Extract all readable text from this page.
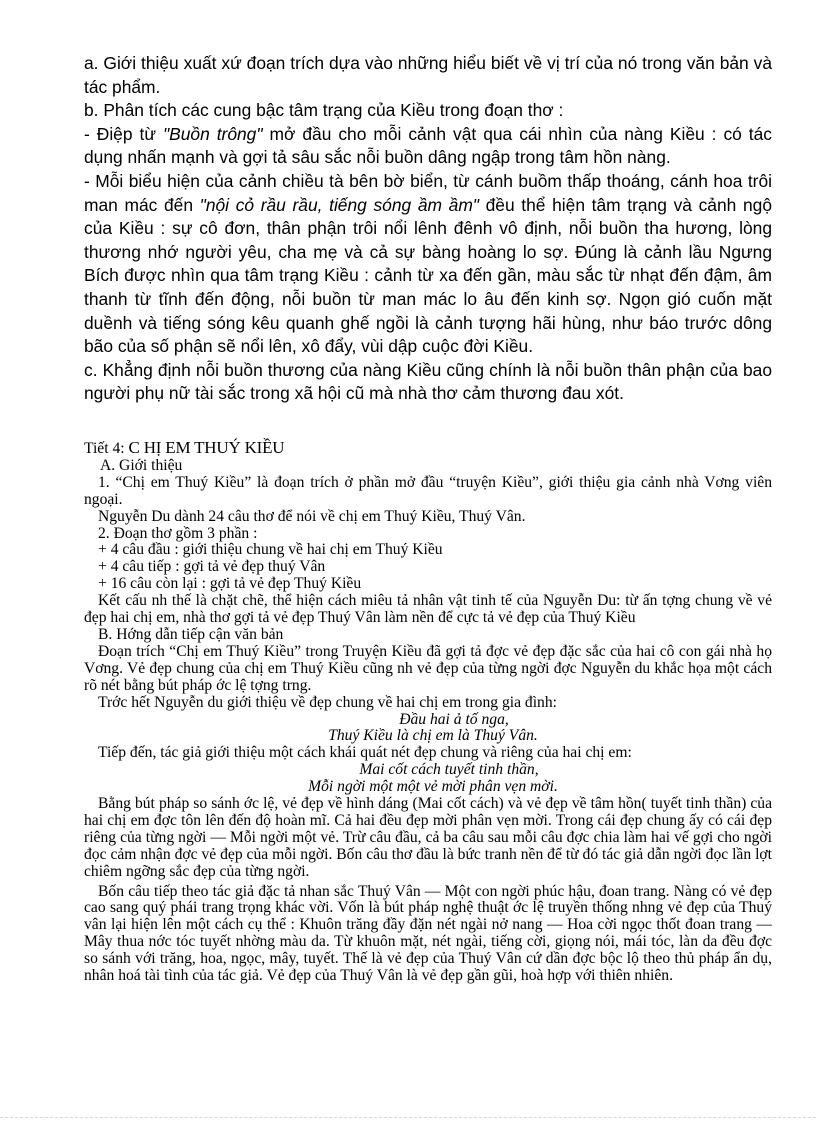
a. Giới thiệu xuất xứ đoạn trích dựa vào những hiểu biết về vị trí của nó trong văn bản và tác phẩm.

b. Phân tích các cung bậc tâm trạng của Kiều trong đoạn thơ :

- Điệp từ "Buồn trông" mở đầu cho mỗi cảnh vật qua cái nhìn của nàng Kiều : có tác dụng nhấn mạnh và gợi tả sâu sắc nỗi buồn dâng ngập trong tâm hồn nàng.

- Mỗi biểu hiện của cảnh chiều tà bên bờ biển, từ cánh buồm thấp thoáng, cánh hoa trôi man mác đến "nội cỏ rầu rầu, tiếng sóng ầm ầm" đều thể hiện tâm trạng và cảnh ngộ của Kiều : sự cô đơn, thân phận trôi nổi lênh đênh vô định, nỗi buồn tha hương, lòng thương nhớ người yêu, cha mẹ và cả sự bàng hoàng lo sợ. Đúng là cảnh lầu Ngưng Bích được nhìn qua tâm trạng Kiều : cảnh từ xa đến gần, màu sắc từ nhạt đến đậm, âm thanh từ tĩnh đến động, nỗi buồn từ man mác lo âu đến kinh sợ. Ngọn gió cuốn mặt duềnh và tiếng sóng kêu quanh ghế ngồi là cảnh tượng hãi hùng, như báo trước dông bão của số phận sẽ nổi lên, xô đẩy, vùi dập cuộc đời Kiều.

c. Khẳng định nỗi buồn thương của nàng Kiều cũng chính là nỗi buồn thân phận của bao người phụ nữ tài sắc trong xã hội cũ mà nhà thơ cảm thương đau xót.

Tiết 4: C HỊ EM THUÝ KIỀU

A. Giới thiệu

1. “Chị em Thuý Kiều” là đoạn trích ở phần mở đầu “truyện Kiều”, giới thiệu gia cảnh nhà Vơng viên ngoại.

Nguyễn Du dành 24 câu thơ để nói về chị em Thuý Kiều, Thuý Vân.

2. Đoạn thơ gồm 3 phần :

+ 4 câu đầu : giới thiệu chung về hai chị em Thuý Kiều

+ 4 câu tiếp : gợi tả vẻ đẹp thuý Vân

+ 16 câu còn lại : gợi tả vẻ đẹp Thuý Kiều

Kết cấu nh thế là chặt chẽ, thể hiện cách miêu tả nhân vật tinh tế của Nguyễn Du: từ ấn tợng chung về vẻ đẹp hai chị em, nhà thơ gợi tả vẻ đẹp Thuý Vân làm nền để cực tả vẻ đẹp của Thuý Kiều

B. Hớng dẫn tiếp cận văn bản

Đoạn trích “Chị em Thuý Kiều” trong Truyện Kiều đã gợi tả đợc vẻ đẹp đặc sắc của hai cô con gái nhà họ Vơng. Vẻ đẹp chung của chị em Thuý Kiều cũng nh vẻ đẹp của từng ngời đợc Nguyễn du khắc họa một cách rõ nét bằng bút pháp ớc lệ tợng trng.

Trớc hết Nguyễn du giới thiệu về đẹp chung về hai chị em trong gia đình:

Đầu hai ả tố nga,

Thuý Kiều là chị em là Thuý Vân.

Tiếp đến, tác giả giới thiệu một cách khái quát nét đẹp chung và riêng của hai chị em:

Mai cốt cách tuyết tinh thần,

Mỗi ngời một một vẻ mời phân vẹn mời.

Bằng bút pháp so sánh ớc lệ, vẻ đẹp về hình dáng (Mai cốt cách) và vẻ đẹp về tâm hồn( tuyết tinh thần) của hai chị em đợc tôn lên đến độ hoàn mĩ. Cả hai đều đẹp mời phân vẹn mời. Trong cái đẹp chung ấy có cái đẹp riêng của từng ngời — Mỗi ngời một vẻ. Trừ câu đầu, cả ba câu sau mỗi câu đợc chia làm hai vế gợi cho ngời đọc cảm nhận đợc vẻ đẹp của mỗi ngời. Bốn câu thơ đầu là bức tranh nền để từ đó tác giả dẫn ngời đọc lần lợt chiêm ngỡng sắc đẹp của từng ngời.

Bốn câu tiếp theo tác giả đặc tả nhan sắc Thuý Vân — Một con ngời phúc hậu, đoan trang. Nàng có vẻ đẹp cao sang quý phái trang trọng khác vời. Vốn là bút pháp nghệ thuật ớc lệ truyền thống nhng vẻ đẹp của Thuý vân lại hiện lên một cách cụ thể : Khuôn trăng đầy đặn nét ngài nở nang — Hoa cời ngọc thốt đoan trang — Mây thua nớc tóc tuyết nhờng màu da. Từ khuôn mặt, nét ngài, tiếng cời, giọng nói, mái tóc, làn da đều đợc so sánh với trăng, hoa, ngọc, mây, tuyết. Thế là vẻ đẹp của Thuý Vân cứ dần đợc bộc lộ theo thủ pháp ẩn dụ, nhân hoá tài tình của tác giả. Vẻ đẹp của Thuý Vân là vẻ đẹp gần gũi, hoà hợp với thiên nhiên.
